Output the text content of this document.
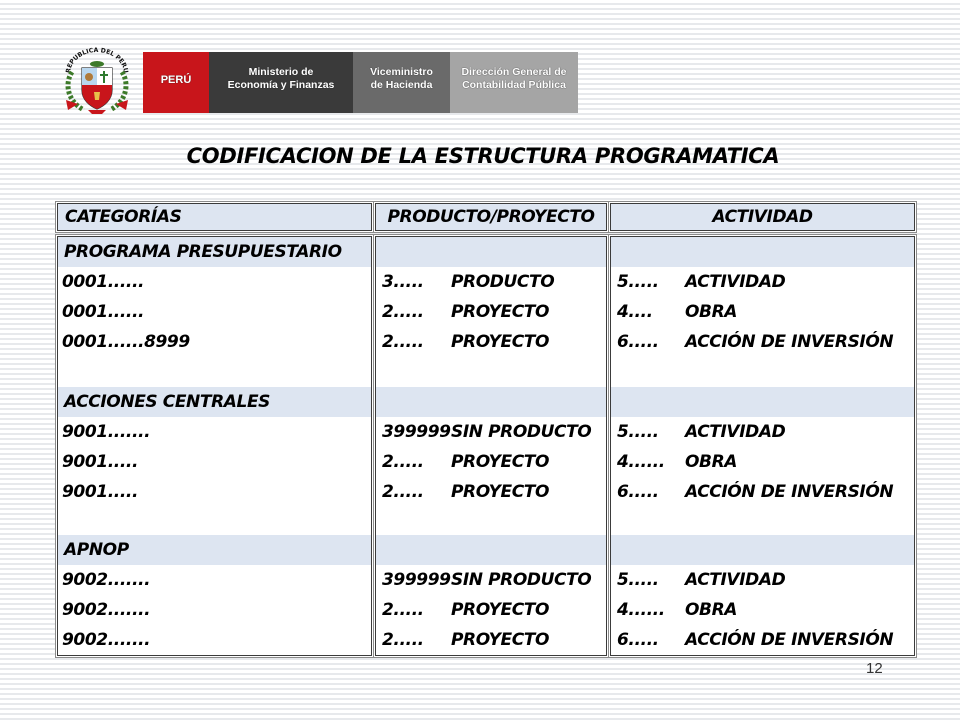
REPUBLICA DEL PERU
PERÚ
Ministerio de
Economía y Finanzas
Viceministro
de Hacienda
Dirección General de
Contabilidad Pública
CODIFICACION DE LA ESTRUCTURA PROGRAMATICA
CATEGORÍAS	PRODUCTO/PROYECTO	ACTIVIDAD
PROGRAMA PRESUPUESTARIO
0001......
0001......
0001......8999
ACCIONES CENTRALES
9001.......
9001.....
9001.....
APNOP
9002.......
9002.......
9002.......
3..... PRODUCTO
2..... PROYECTO
2..... PROYECTO
399999 SIN PRODUCTO
2..... PROYECTO
2..... PROYECTO
399999 SIN PRODUCTO
2..... PROYECTO
2..... PROYECTO
5..... ACTIVIDAD
4.... OBRA
6..... ACCIÓN DE INVERSIÓN
5..... ACTIVIDAD
4...... OBRA
6..... ACCIÓN DE INVERSIÓN
5..... ACTIVIDAD
4...... OBRA
6..... ACCIÓN DE INVERSIÓN
12
